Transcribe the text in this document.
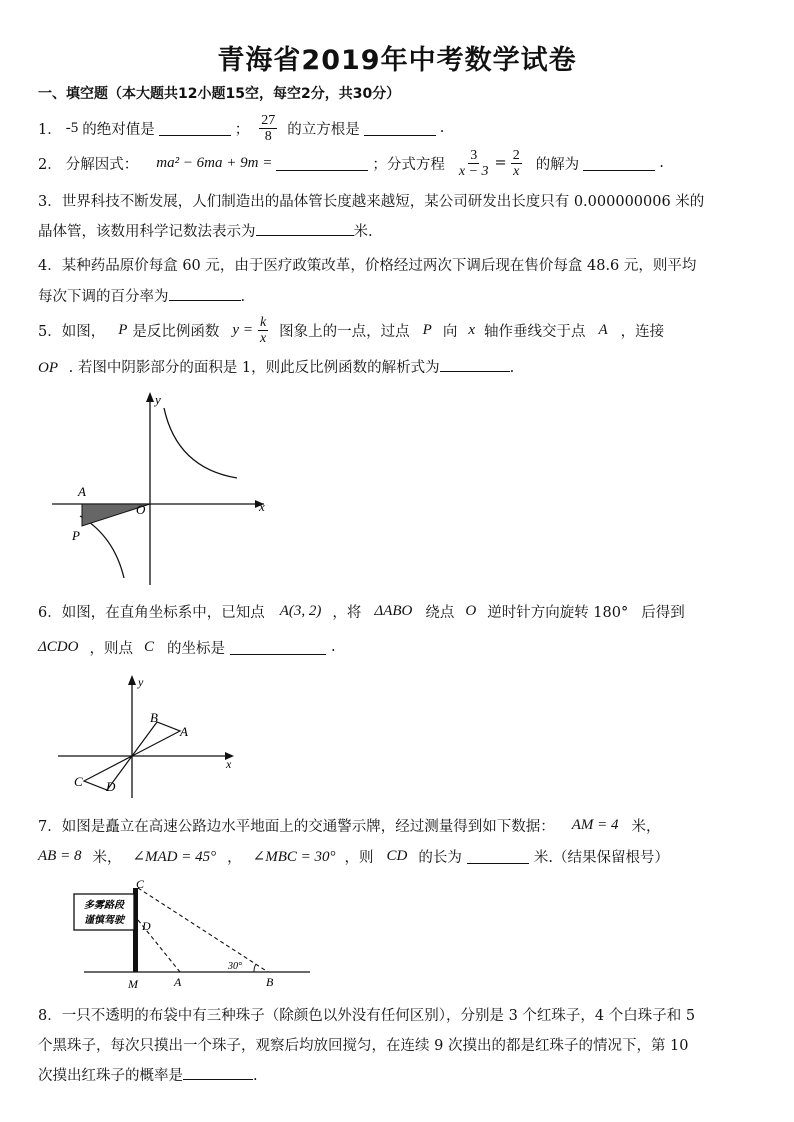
青海省2019年中考数学试卷
一、填空题（本大题共12小题15空，每空2分，共30分）
1． -5 的绝对值是	； $\frac{27}{8}$ 的立方根是	.
2． 分解因式： ma² − 6ma + 9m =	；分式方程 $\frac{3}{x - 3} = \frac{2}{x}$ 的解为	.
3．世界科技不断发展，人们制造出的晶体管长度越来越短，某公司研发出长度只有 0.000000006 米的
晶体管，该数用科学记数法表示为	米.
4．某种药品原价每盒 60 元，由于医疗政策改革，价格经过两次下调后现在售价每盒 48.6 元，则平均
每次下调的百分率为	.
5．如图， P 是反比例函数 $y = \frac{k}{x}$ 图象上的一点，过点 P 向 x 轴作垂线交于点 A ，连接
OP . 若图中阴影部分的面积是 1，则此反比例函数的解析式为	.
y
x
A
O
P
6．如图，在直角坐标系中，已知点 A(3, 2) ，将 ΔABO 绕点 O 逆时针方向旋转 180° 后得到
ΔCDO ，则点 C 的坐标是	.
y
x
B
A
C D
7．如图是矗立在高速公路边水平地面上的交通警示牌，经过测量得到如下数据： AM = 4 米，
AB = 8 米， ∠MAD = 45° ， ∠MBC = 30° ，则 CD 的长为	米.（结果保留根号）
多雾路段
谨慎驾驶
C
D
M	A	B
30°
8．一只不透明的布袋中有三种珠子（除颜色以外没有任何区别），分别是 3 个红珠子，4 个白珠子和 5
个黑珠子，每次只摸出一个珠子，观察后均放回搅匀，在连续 9 次摸出的都是红珠子的情况下，第 10
次摸出红珠子的概率是	.
